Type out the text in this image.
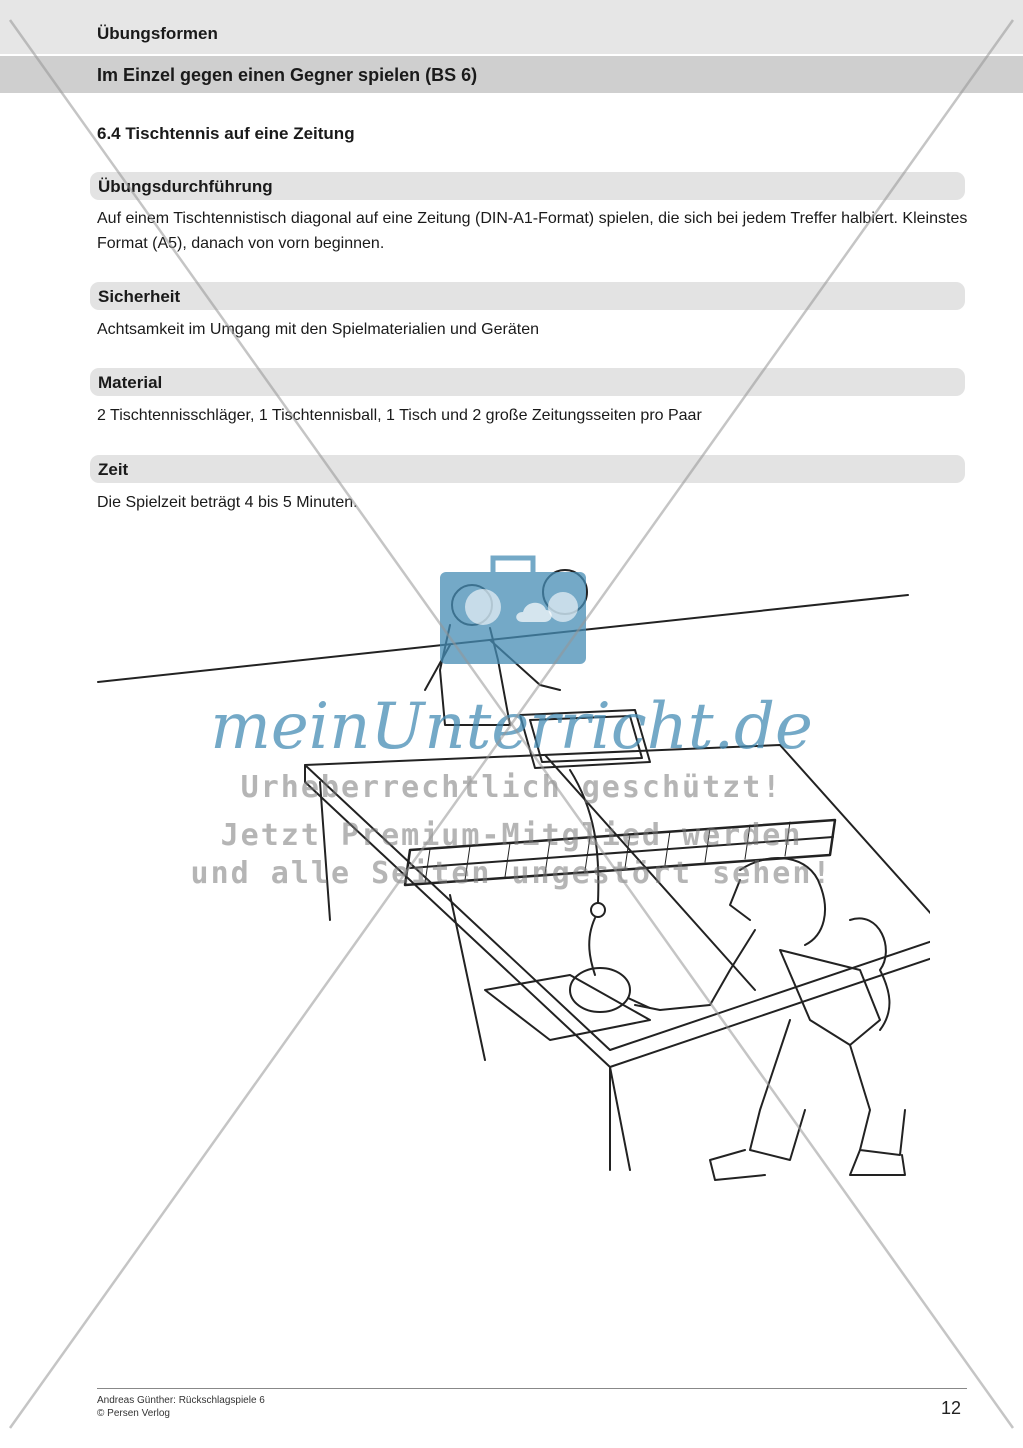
Übungsformen
Im Einzel gegen einen Gegner spielen (BS 6)
6.4 Tischtennis auf eine Zeitung
Übungsdurchführung
Auf einem Tischtennistisch diagonal auf eine Zeitung (DIN-A1-Format) spielen, die sich bei jedem Treffer halbiert. Kleinstes Format (A5), danach von vorn beginnen.
Sicherheit
Achtsamkeit im Umgang mit den Spielmaterialien und Geräten
Material
2 Tischtennisschläger, 1 Tischtennisball, 1 Tisch und 2 große Zeitungsseiten pro Paar
Zeit
Die Spielzeit beträgt 4 bis 5 Minuten.
meinUnterricht.de
Urheberrechtlich geschützt!
Jetzt Premium-Mitglied werden
und alle Seiten ungestört sehen!
Andreas Günther: Rückschlagspiele 6
© Persen Verlog	12
